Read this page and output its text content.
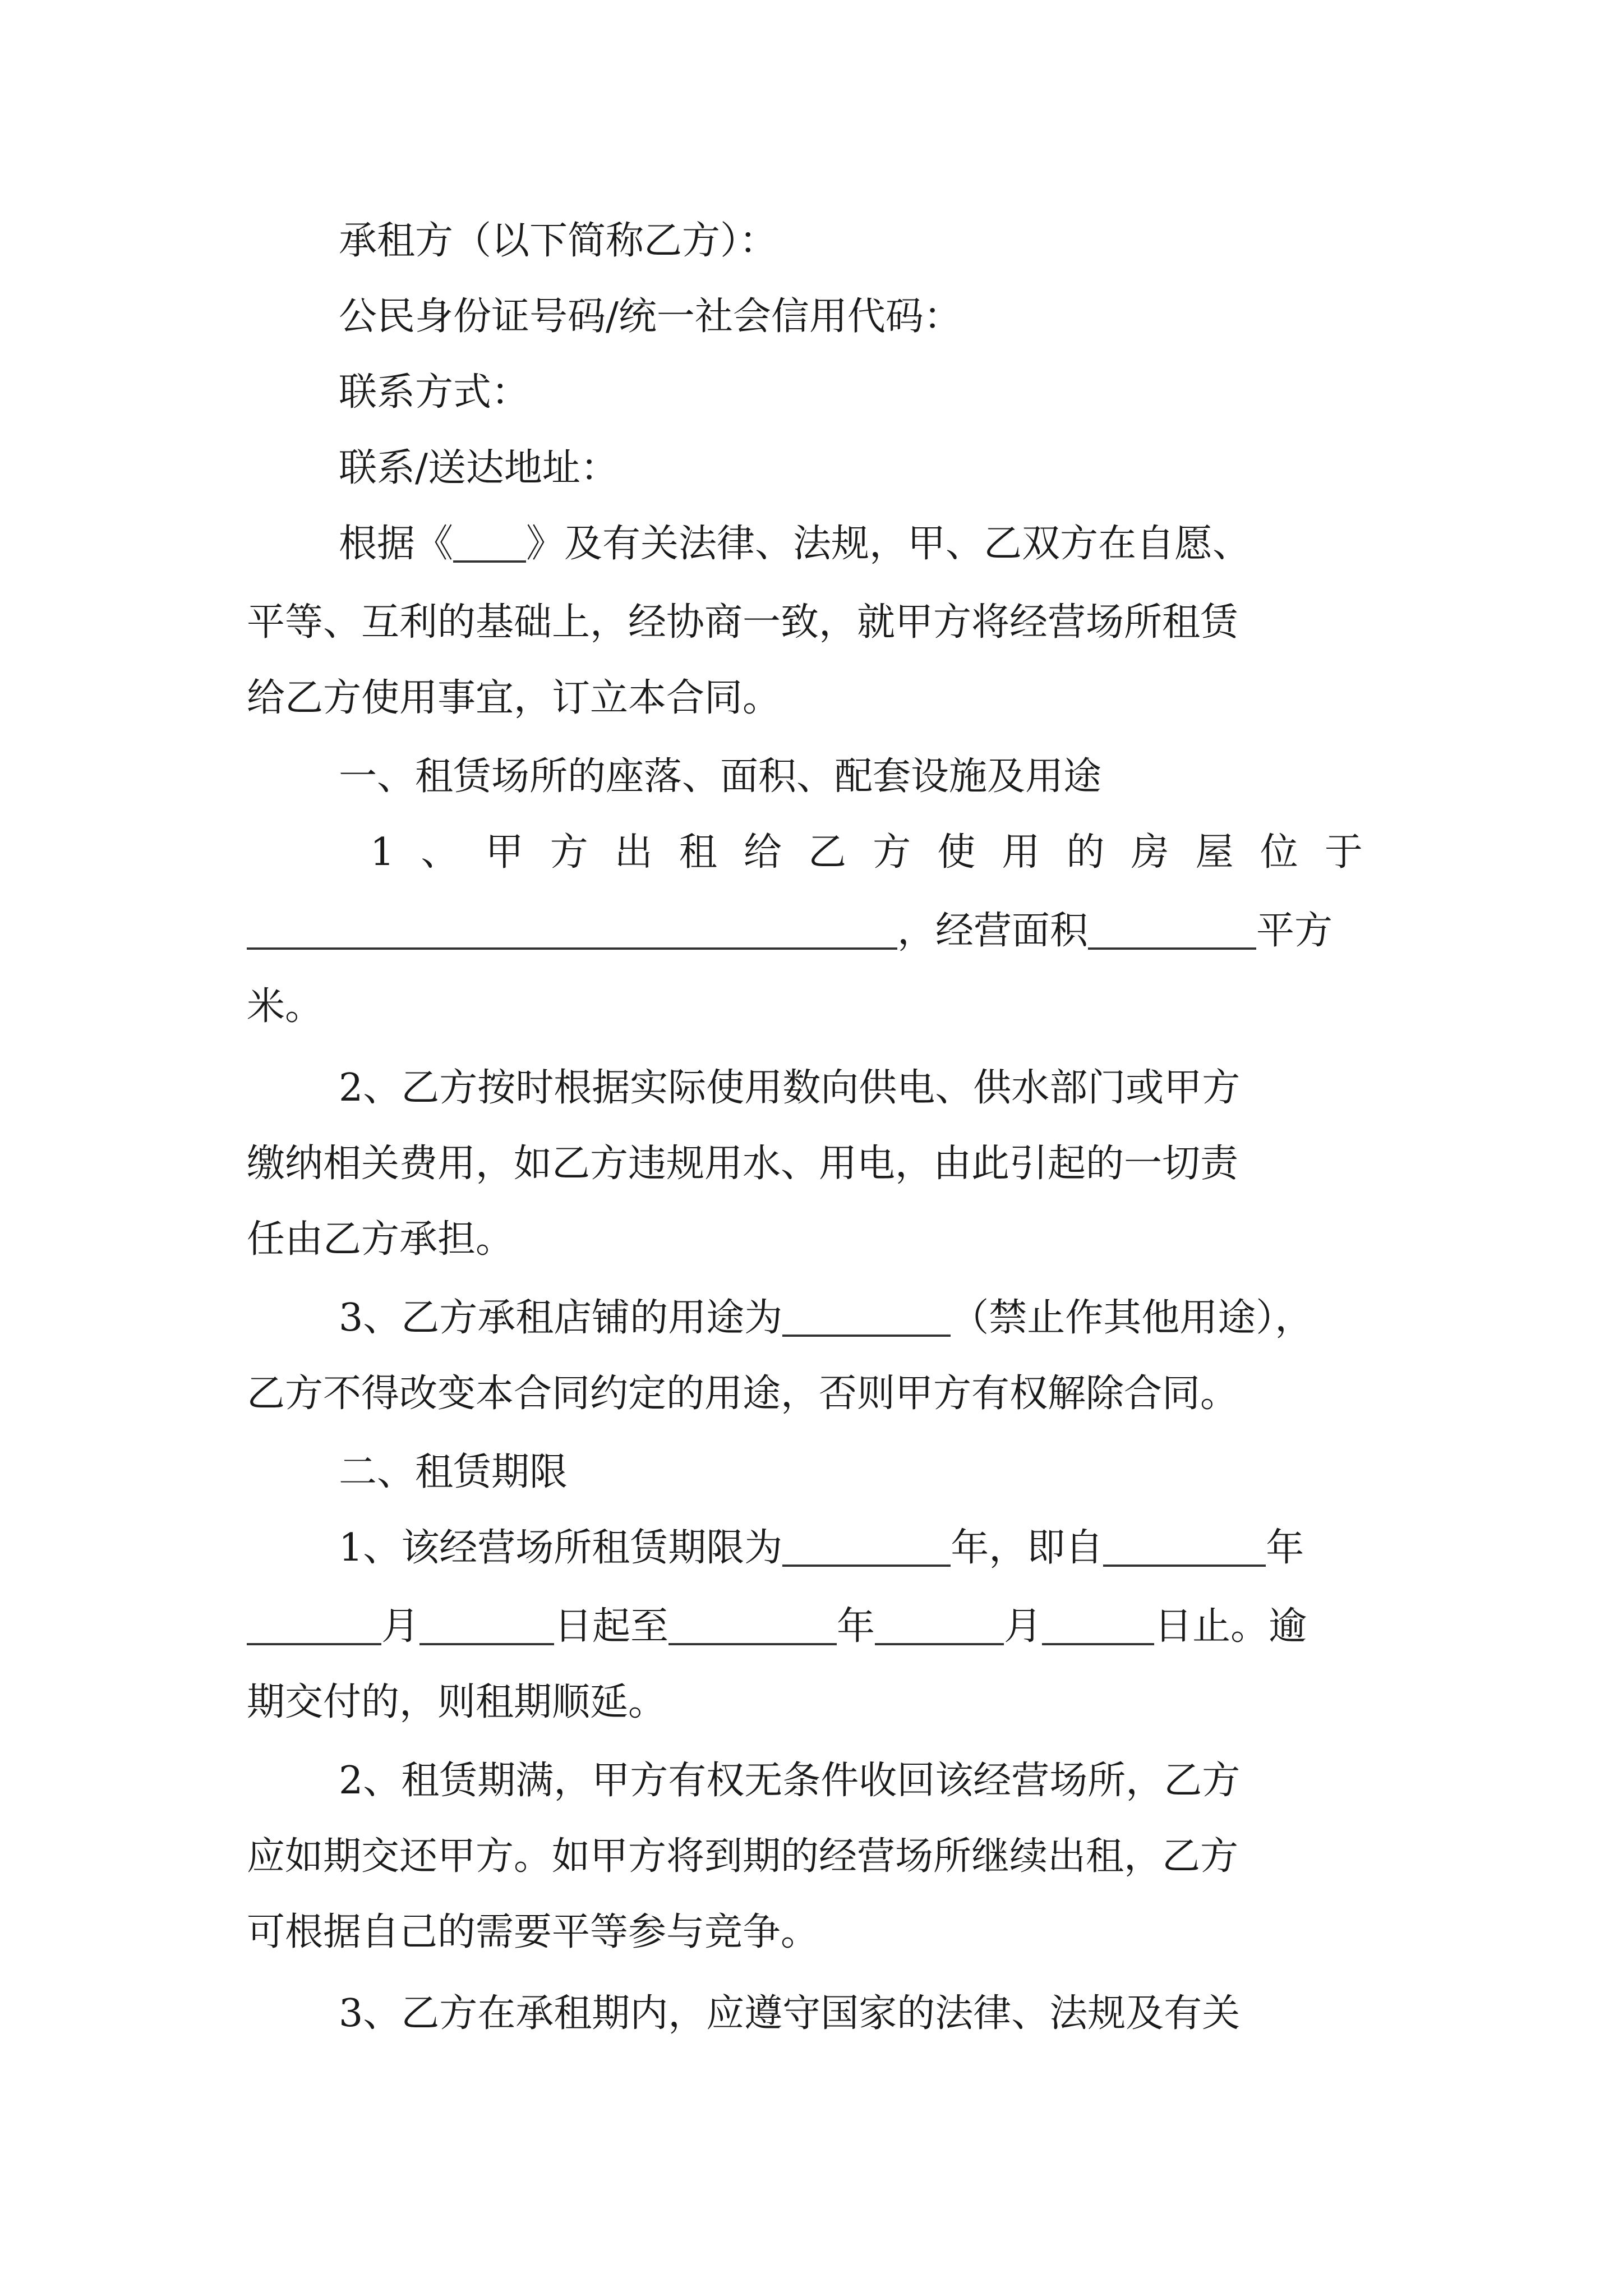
承租方（以下简称乙方）：
公民身份证号码/统一社会信用代码：
联系方式：
联系/送达地址：
根据《 》及有关法律、法规，甲、乙双方在自愿、
平等、互利的基础上，经协商一致，就甲方将经营场所租赁
给乙方使用事宜，订立本合同。
一、租赁场所的座落、面积、配套设施及用途
1 、 甲 方 出 租 给 乙 方 使 用 的 房 屋 位 于
，经营面积	平方
米。
2、乙方按时根据实际使用数向供电、供水部门或甲方
缴纳相关费用，如乙方违规用水、用电，由此引起的一切责
任由乙方承担。
3、乙方承租店铺的用途为	（禁止作其他用途），
乙方不得改变本合同约定的用途，否则甲方有权解除合同。
二、租赁期限
1、该经营场所租赁期限为	年，即自	年
月	日起至	年	月	日止。逾
期交付的，则租期顺延。
2、租赁期满，甲方有权无条件收回该经营场所，乙方
应如期交还甲方。如甲方将到期的经营场所继续出租，乙方
可根据自己的需要平等参与竞争。
3、乙方在承租期内，应遵守国家的法律、法规及有关
